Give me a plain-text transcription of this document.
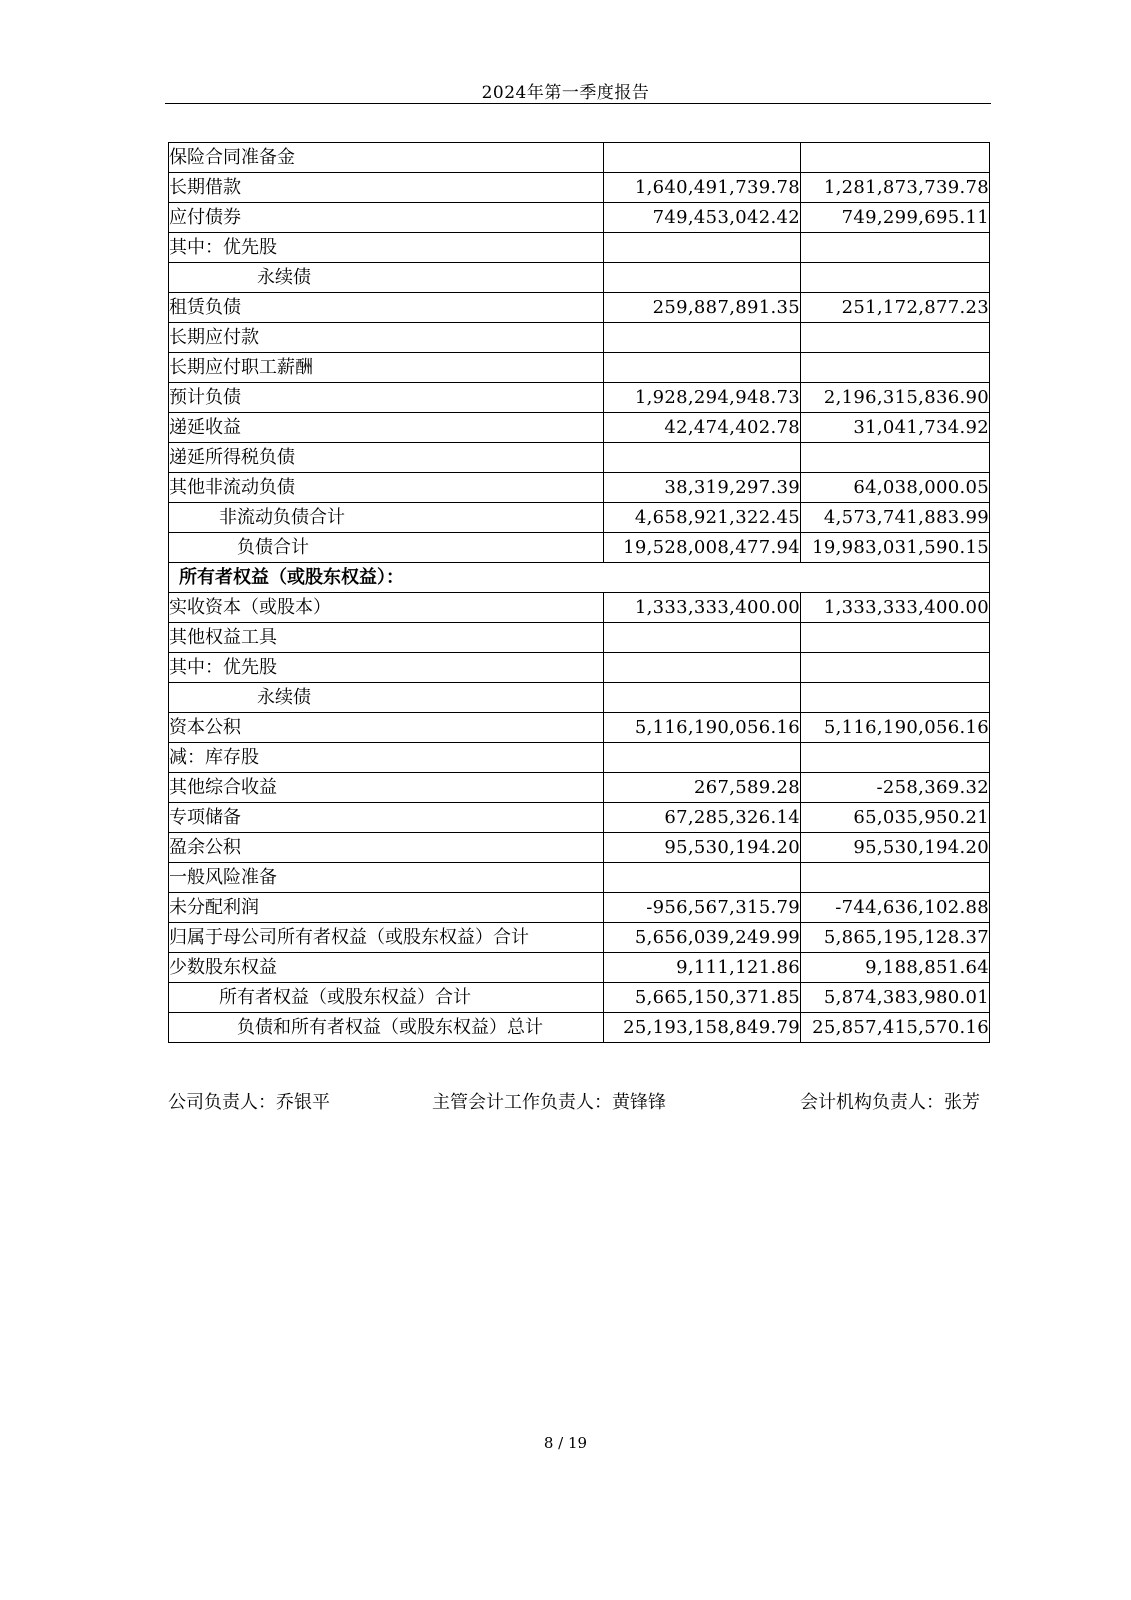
2024年第一季度报告
保险合同准备金		
长期借款	1,640,491,739.78	1,281,873,739.78
应付债券	749,453,042.42	749,299,695.11
其中：优先股		
永续债		
租赁负债	259,887,891.35	251,172,877.23
长期应付款		
长期应付职工薪酬		
预计负债	1,928,294,948.73	2,196,315,836.90
递延收益	42,474,402.78	31,041,734.92
递延所得税负债		
其他非流动负债	38,319,297.39	64,038,000.05
非流动负债合计	4,658,921,322.45	4,573,741,883.99
负债合计	19,528,008,477.94	19,983,031,590.15
所有者权益（或股东权益）：		
实收资本（或股本）	1,333,333,400.00	1,333,333,400.00
其他权益工具		
其中：优先股		
永续债		
资本公积	5,116,190,056.16	5,116,190,056.16
减：库存股		
其他综合收益	267,589.28	-258,369.32
专项储备	67,285,326.14	65,035,950.21
盈余公积	95,530,194.20	95,530,194.20
一般风险准备		
未分配利润	-956,567,315.79	-744,636,102.88
归属于母公司所有者权益（或股东权益）合计	5,656,039,249.99	5,865,195,128.37
少数股东权益	9,111,121.86	9,188,851.64
所有者权益（或股东权益）合计	5,665,150,371.85	5,874,383,980.01
负债和所有者权益（或股东权益）总计	25,193,158,849.79	25,857,415,570.16
公司负责人：乔银平	主管会计工作负责人：黄锋锋	会计机构负责人：张芳
8 / 19
